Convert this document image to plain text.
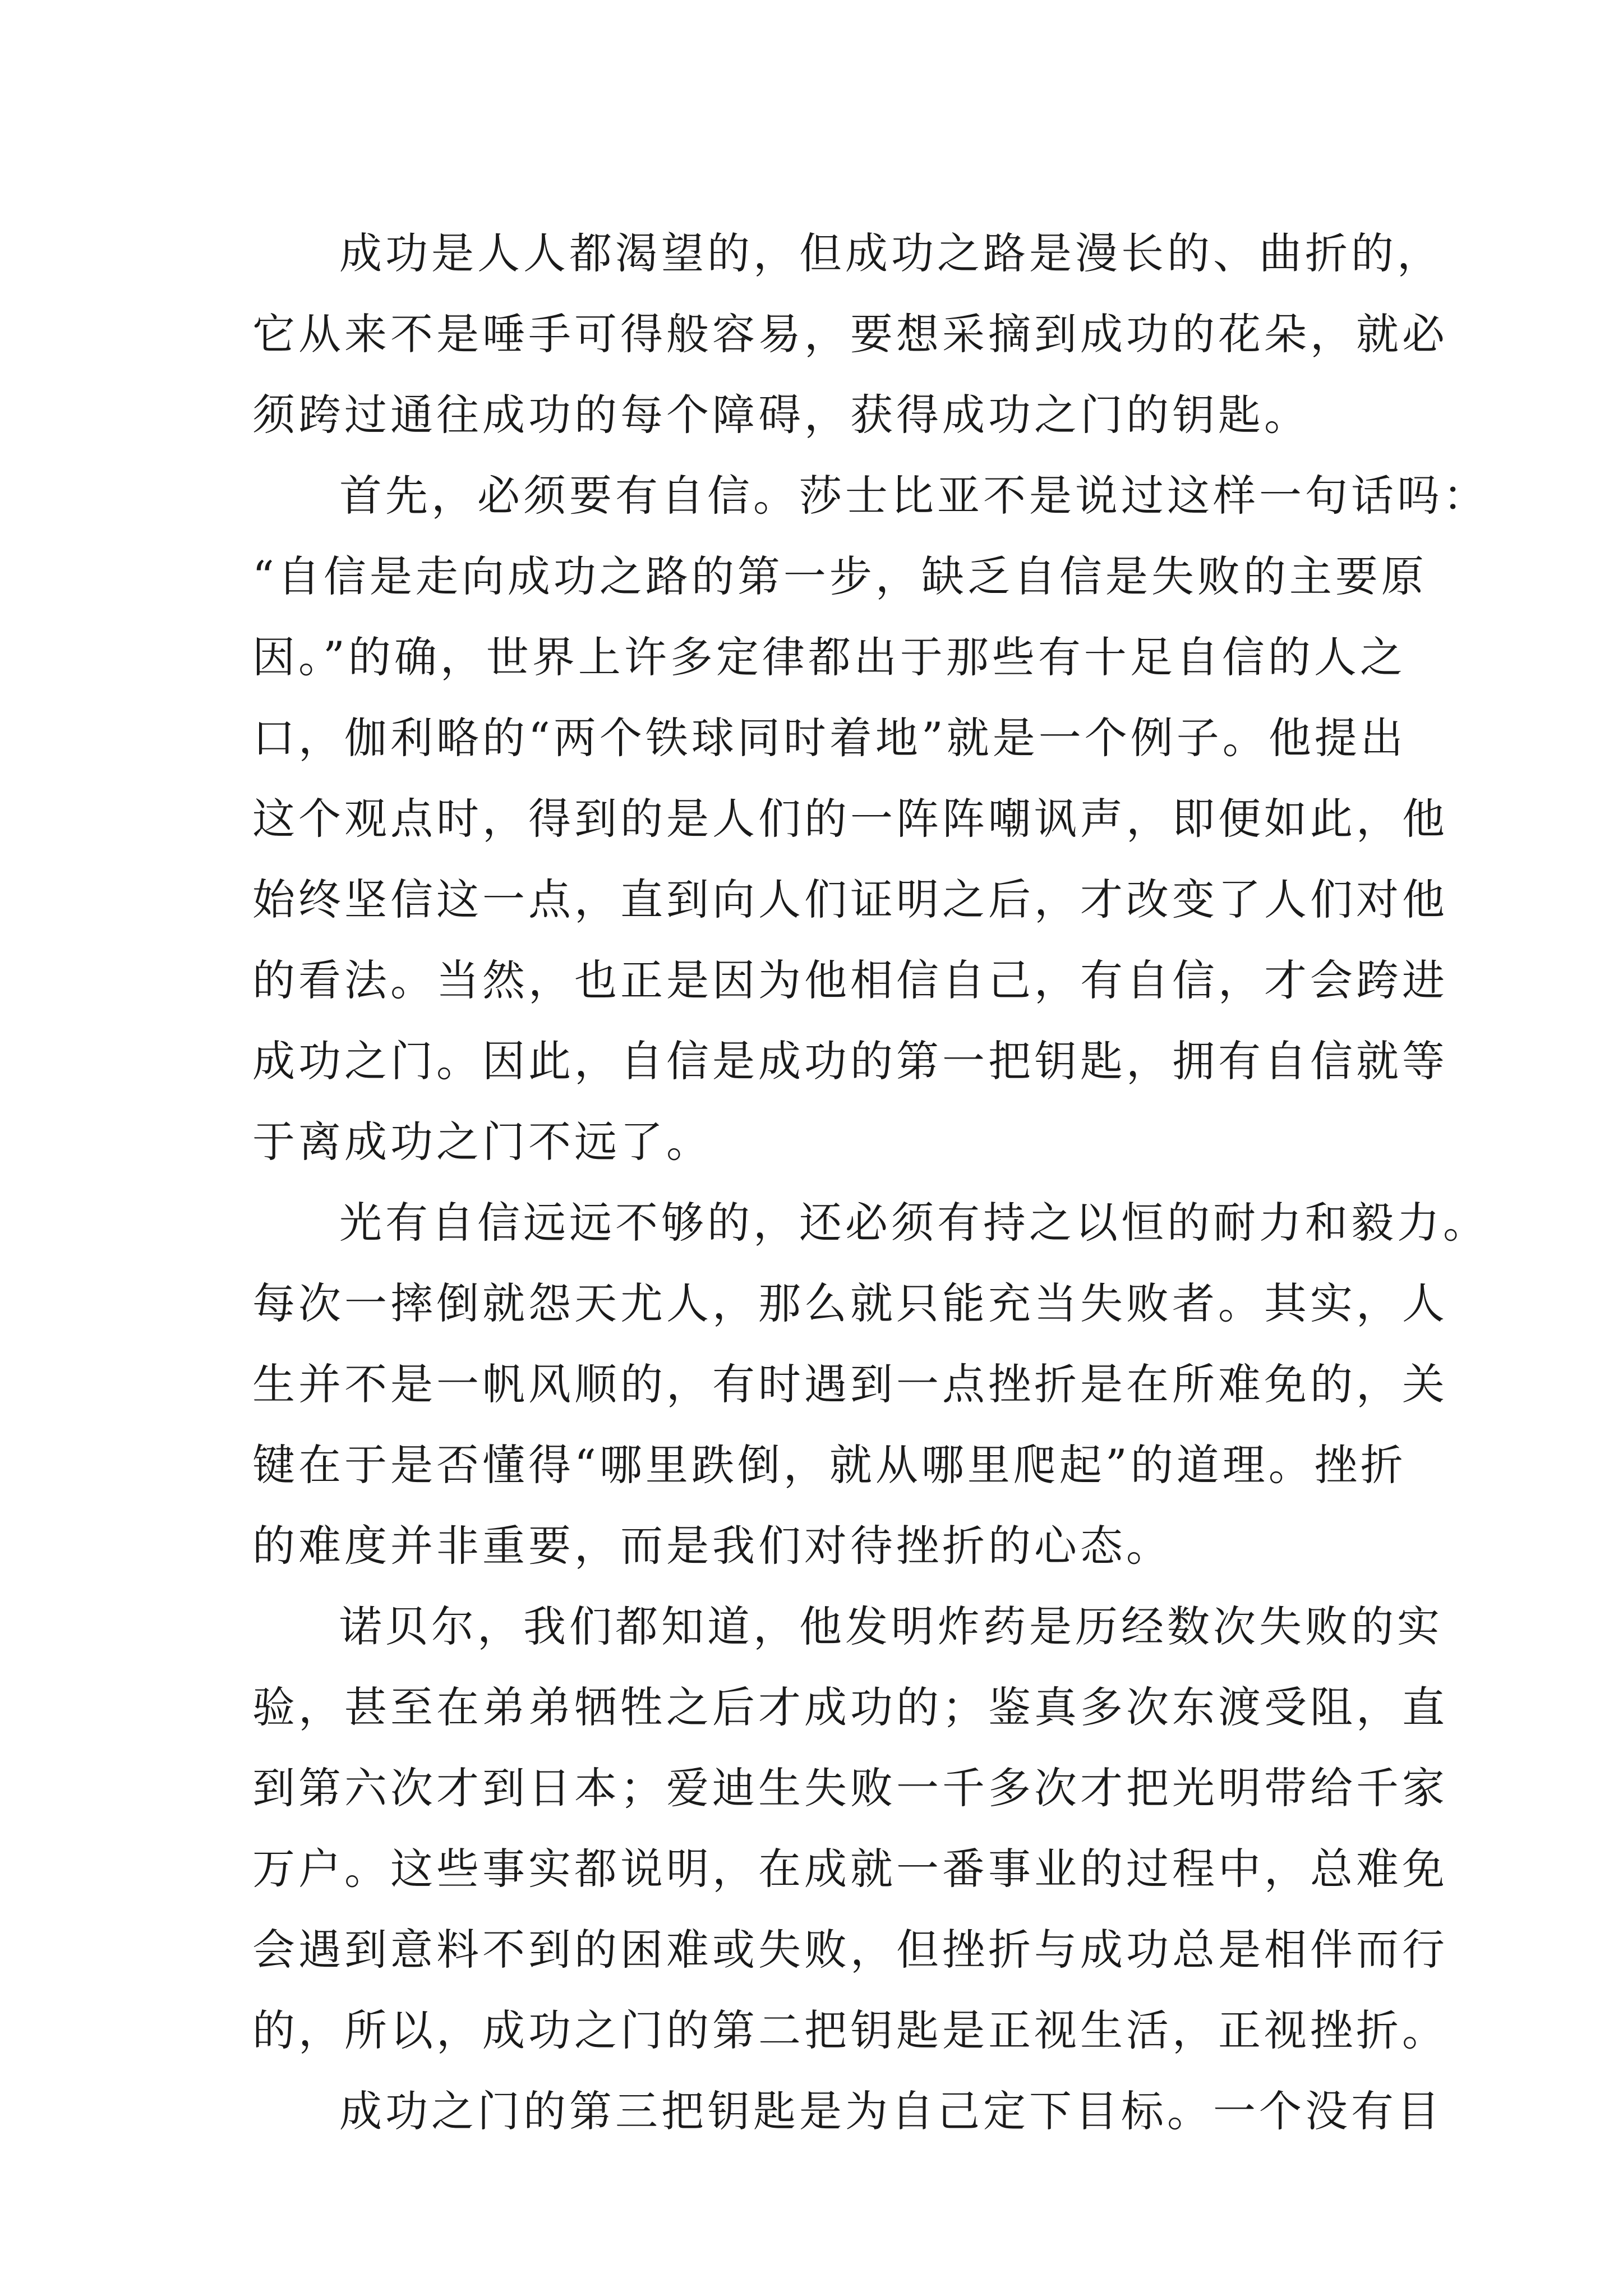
成功是人人都渴望的，但成功之路是漫长的、曲折的，
它从来不是唾手可得般容易，要想采摘到成功的花朵，就必
须跨过通往成功的每个障碍，获得成功之门的钥匙。
首先，必须要有自信。莎士比亚不是说过这样一句话吗：
“自信是走向成功之路的第一步，缺乏自信是失败的主要原
因。”的确，世界上许多定律都出于那些有十足自信的人之
口，伽利略的“两个铁球同时着地”就是一个例子。他提出
这个观点时，得到的是人们的一阵阵嘲讽声，即便如此，他
始终坚信这一点，直到向人们证明之后，才改变了人们对他
的看法。当然，也正是因为他相信自己，有自信，才会跨进
成功之门。因此，自信是成功的第一把钥匙，拥有自信就等
于离成功之门不远了。
光有自信远远不够的，还必须有持之以恒的耐力和毅力。
每次一摔倒就怨天尤人，那么就只能充当失败者。其实，人
生并不是一帆风顺的，有时遇到一点挫折是在所难免的，关
键在于是否懂得“哪里跌倒，就从哪里爬起”的道理。挫折
的难度并非重要，而是我们对待挫折的心态。
诺贝尔，我们都知道，他发明炸药是历经数次失败的实
验，甚至在弟弟牺牲之后才成功的；鉴真多次东渡受阻，直
到第六次才到日本；爱迪生失败一千多次才把光明带给千家
万户。这些事实都说明，在成就一番事业的过程中，总难免
会遇到意料不到的困难或失败，但挫折与成功总是相伴而行
的，所以，成功之门的第二把钥匙是正视生活，正视挫折。
成功之门的第三把钥匙是为自己定下目标。一个没有目
